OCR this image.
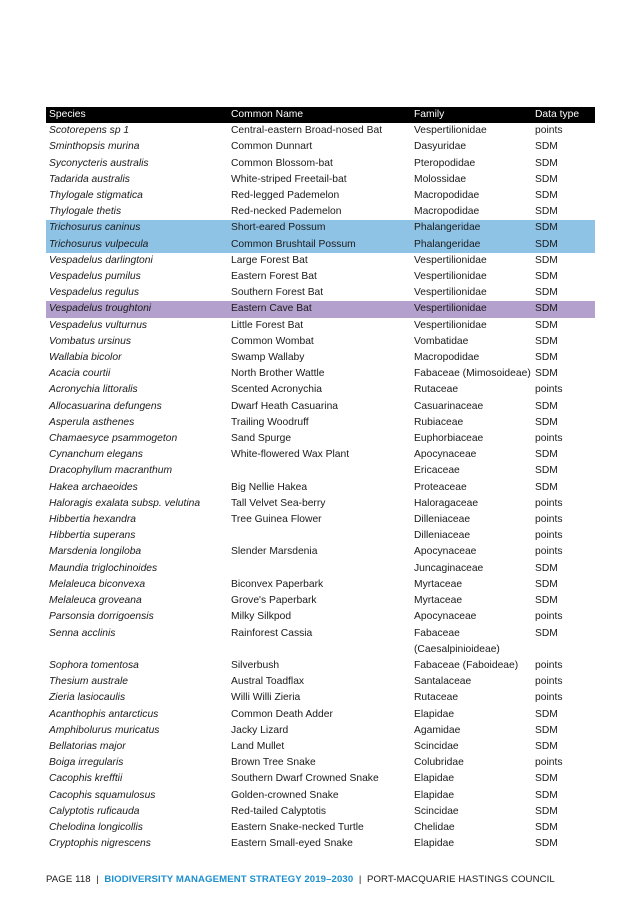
Species	Common Name	Family	Data type
Scotorepens sp 1	Central-eastern Broad-nosed Bat	Vespertilionidae	points
Sminthopsis murina	Common Dunnart	Dasyuridae	SDM
Syconycteris australis	Common Blossom-bat	Pteropodidae	SDM
Tadarida australis	White-striped Freetail-bat	Molossidae	SDM
Thylogale stigmatica	Red-legged Pademelon	Macropodidae	SDM
Thylogale thetis	Red-necked Pademelon	Macropodidae	SDM
Trichosurus caninus	Short-eared Possum	Phalangeridae	SDM
Trichosurus vulpecula	Common Brushtail Possum	Phalangeridae	SDM
Vespadelus darlingtoni	Large Forest Bat	Vespertilionidae	SDM
Vespadelus pumilus	Eastern Forest Bat	Vespertilionidae	SDM
Vespadelus regulus	Southern Forest Bat	Vespertilionidae	SDM
Vespadelus troughtoni	Eastern Cave Bat	Vespertilionidae	SDM
Vespadelus vulturnus	Little Forest Bat	Vespertilionidae	SDM
Vombatus ursinus	Common Wombat	Vombatidae	SDM
Wallabia bicolor	Swamp Wallaby	Macropodidae	SDM
Acacia courtii	North Brother Wattle	Fabaceae (Mimosoideae)	SDM
Acronychia littoralis	Scented Acronychia	Rutaceae	points
Allocasuarina defungens	Dwarf Heath Casuarina	Casuarinaceae	SDM
Asperula asthenes	Trailing Woodruff	Rubiaceae	SDM
Chamaesyce psammogeton	Sand Spurge	Euphorbiaceae	points
Cynanchum elegans	White-flowered Wax Plant	Apocynaceae	SDM
Dracophyllum macranthum		Ericaceae	SDM
Hakea archaeoides	Big Nellie Hakea	Proteaceae	SDM
Haloragis exalata subsp. velutina	Tall Velvet Sea-berry	Haloragaceae	points
Hibbertia hexandra	Tree Guinea Flower	Dilleniaceae	points
Hibbertia superans		Dilleniaceae	points
Marsdenia longiloba	Slender Marsdenia	Apocynaceae	points
Maundia triglochinoides		Juncaginaceae	SDM
Melaleuca biconvexa	Biconvex Paperbark	Myrtaceae	SDM
Melaleuca groveana	Grove's Paperbark	Myrtaceae	SDM
Parsonsia dorrigoensis	Milky Silkpod	Apocynaceae	points
Senna acclinis	Rainforest Cassia	Fabaceae (Caesalpinioideae)	SDM
Sophora tomentosa	Silverbush	Fabaceae (Faboideae)	points
Thesium australe	Austral Toadflax	Santalaceae	points
Zieria lasiocaulis	Willi Willi Zieria	Rutaceae	points
Acanthophis antarcticus	Common Death Adder	Elapidae	SDM
Amphibolurus muricatus	Jacky Lizard	Agamidae	SDM
Bellatorias major	Land Mullet	Scincidae	SDM
Boiga irregularis	Brown Tree Snake	Colubridae	points
Cacophis krefftii	Southern Dwarf Crowned Snake	Elapidae	SDM
Cacophis squamulosus	Golden-crowned Snake	Elapidae	SDM
Calyptotis ruficauda	Red-tailed Calyptotis	Scincidae	SDM
Chelodina longicollis	Eastern Snake-necked Turtle	Chelidae	SDM
Cryptophis nigrescens	Eastern Small-eyed Snake	Elapidae	SDM
PAGE 118 | BIODIVERSITY MANAGEMENT STRATEGY 2019–2030 | PORT-MACQUARIE HASTINGS COUNCIL
